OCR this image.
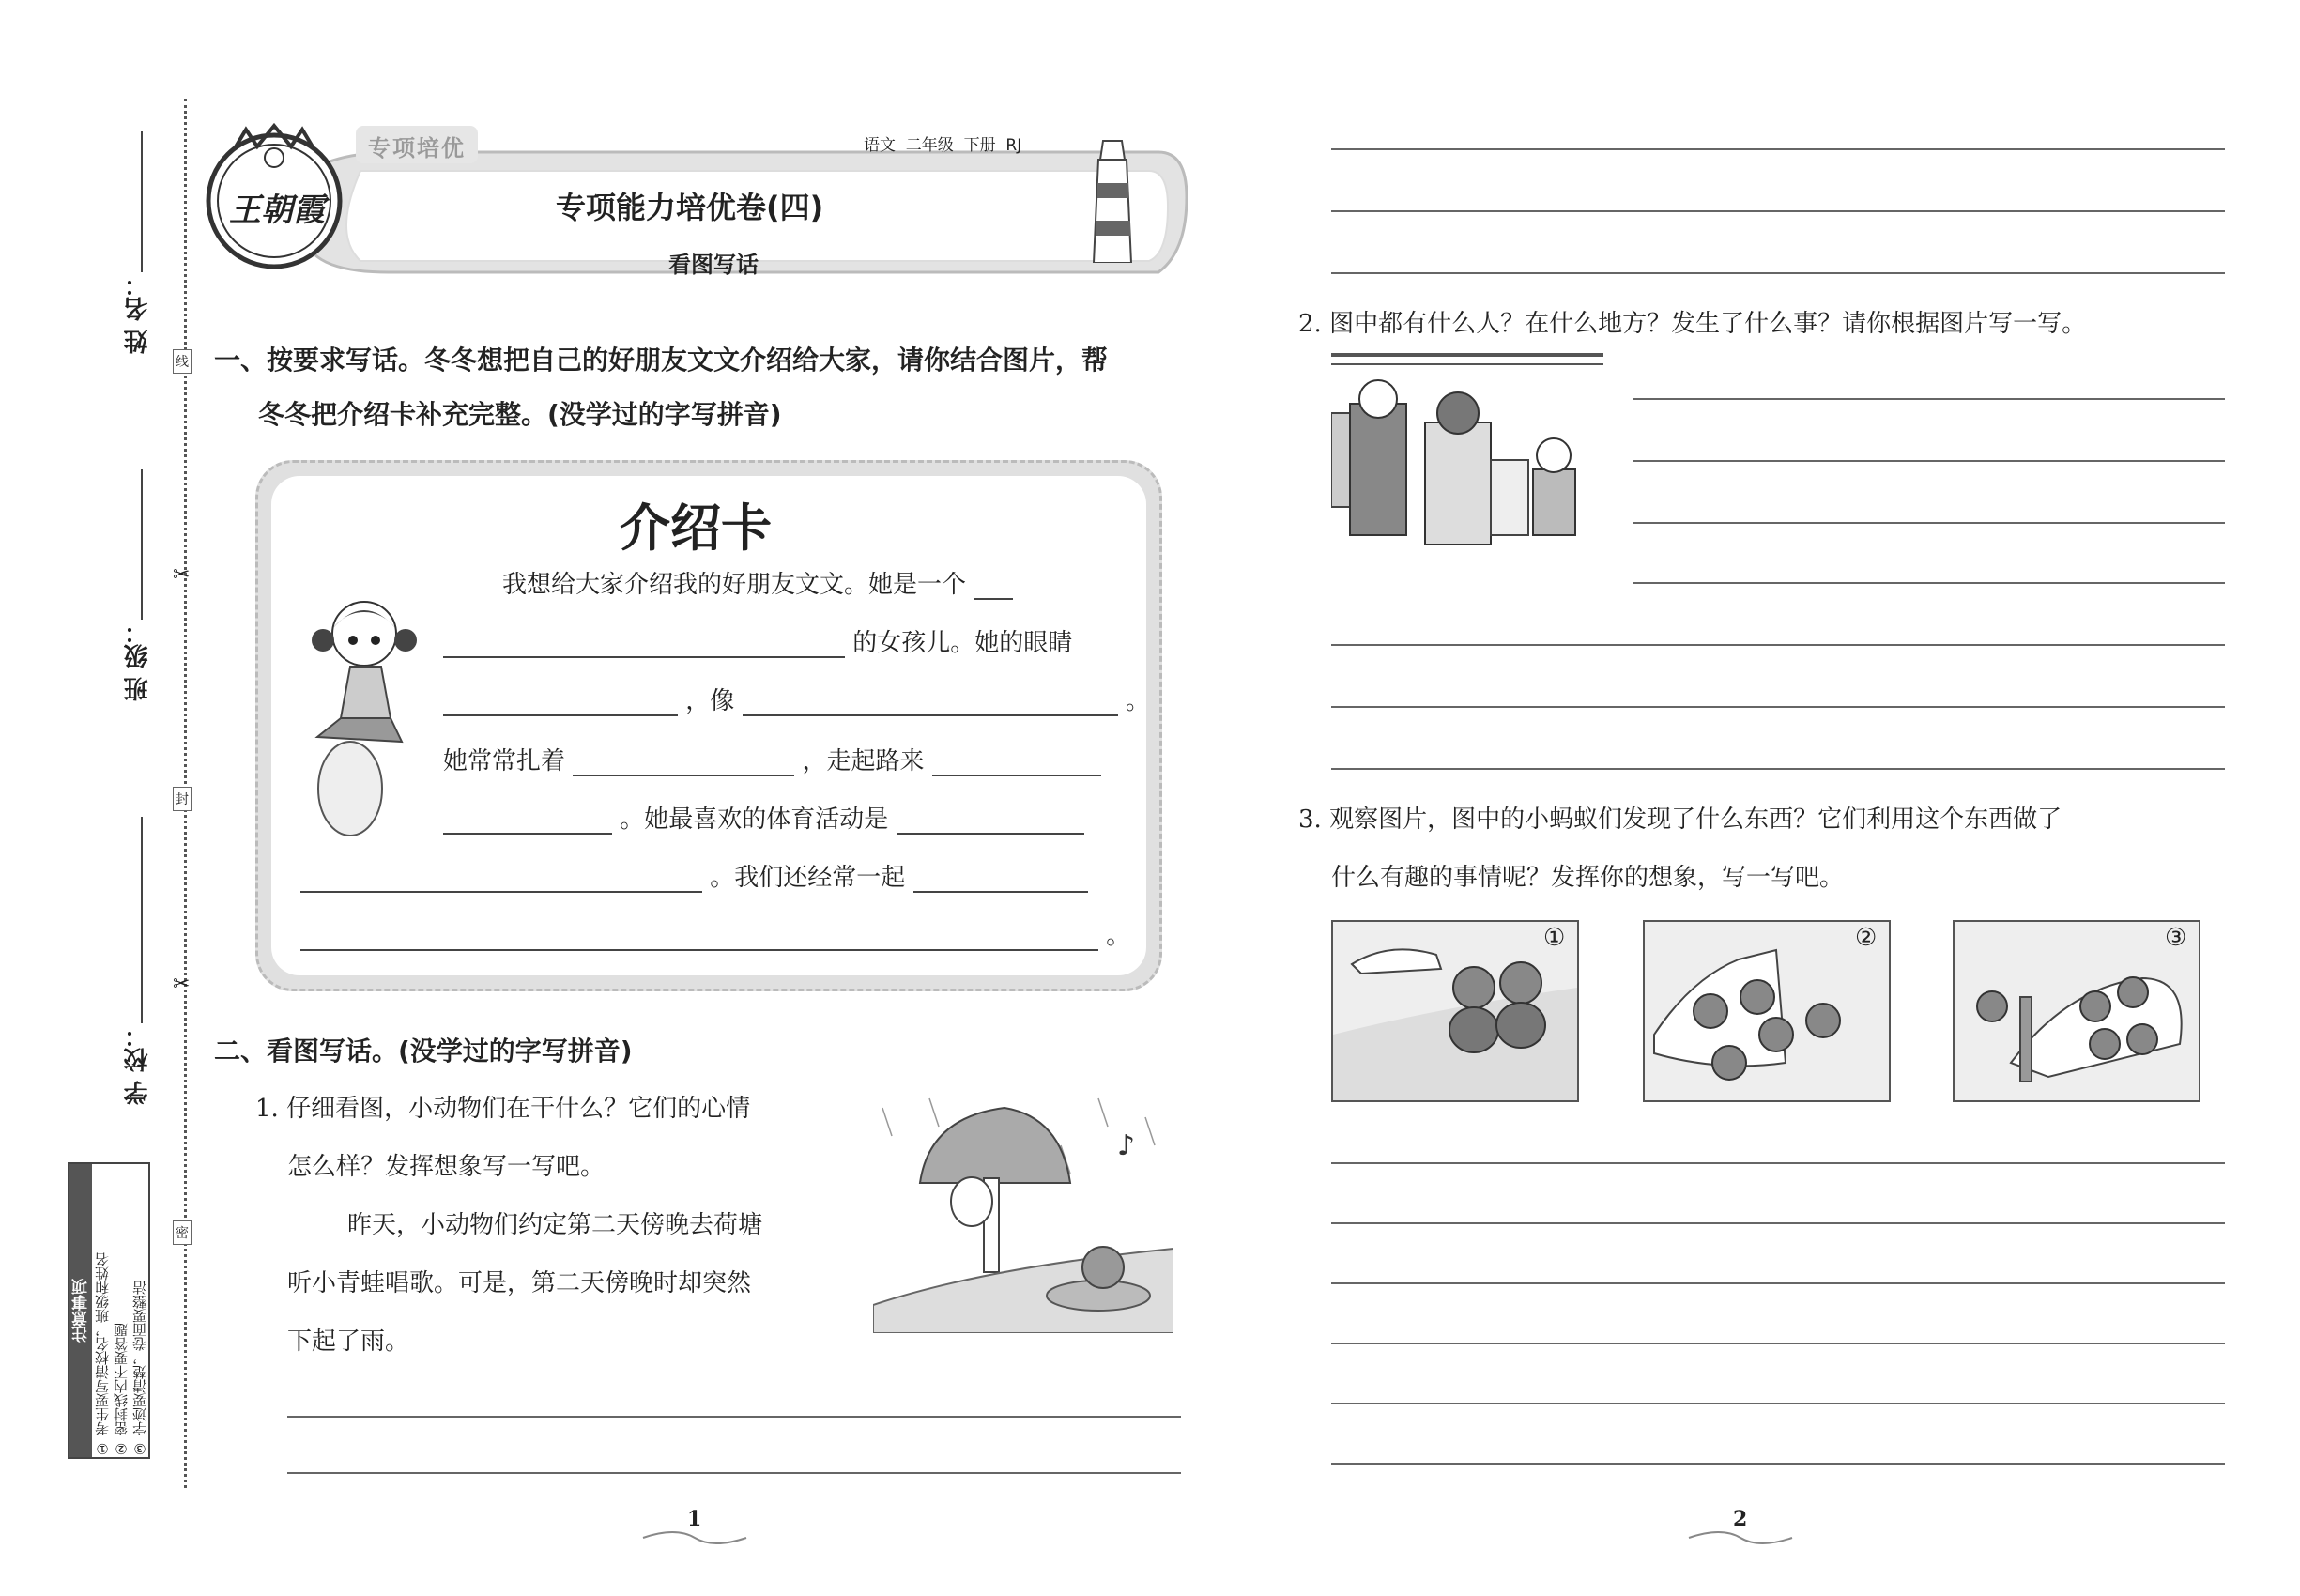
姓 名：
班 级：
学 校：
线
封
密
✂
✂
注意事项 ① 考生要写清校名，班级和姓名 ② 密封线内不要答题 ③ 字迹要清楚，卷面要整洁
专项培优
王朝霞
语文  二年级  下册  RJ
专项能力培优卷(四)
看图写话
一、按要求写话。冬冬想把自己的好朋友文文介绍给大家，请你结合图片，帮
冬冬把介绍卡补充完整。(没学过的字写拼音)
介绍卡
我想给大家介绍我的好朋友文文。她是一个
的女孩儿。她的眼睛
，像	。
她常常扎着	，走起路来
。她最喜欢的体育活动是
。我们还经常一起
。
二、看图写话。(没学过的字写拼音)
1. 仔细看图，小动物们在干什么？它们的心情
怎么样？发挥想象写一写吧。
昨天，小动物们约定第二天傍晚去荷塘
听小青蛙唱歌。可是，第二天傍晚时却突然
下起了雨。
♪
1
2. 图中都有什么人？在什么地方？发生了什么事？请你根据图片写一写。
3. 观察图片，图中的小蚂蚁们发现了什么东西？它们利用这个东西做了
什么有趣的事情呢？发挥你的想象，写一写吧。
①	②	③
2
